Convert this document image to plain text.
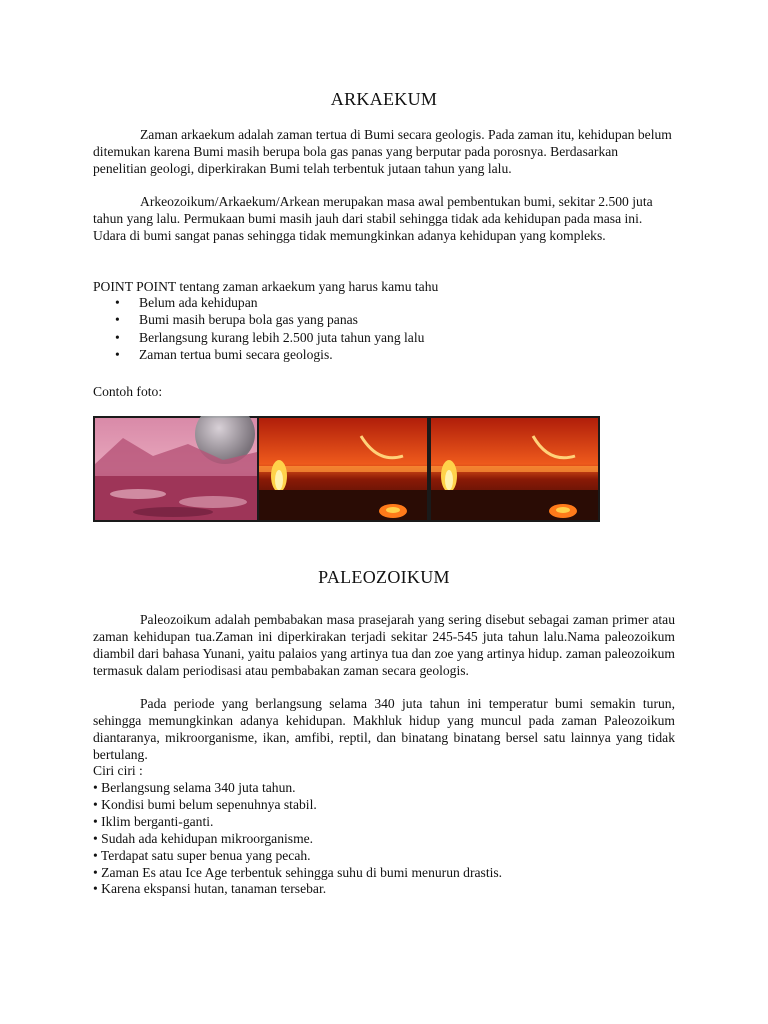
ARKAEKUM

Zaman arkaekum adalah zaman tertua di Bumi secara geologis. Pada zaman itu, kehidupan belum ditemukan karena Bumi masih berupa bola gas panas yang berputar pada porosnya. Berdasarkan penelitian geologi, diperkirakan Bumi telah terbentuk jutaan tahun yang lalu.

Arkeozoikum/Arkaekum/Arkean merupakan masa awal pembentukan bumi, sekitar 2.500 juta tahun yang lalu. Permukaan bumi masih jauh dari stabil sehingga tidak ada kehidupan pada masa ini. Udara di bumi sangat panas sehingga tidak memungkinkan adanya kehidupan yang kompleks.

POINT POINT tentang zaman arkaekum yang harus kamu tahu

• Belum ada kehidupan
• Bumi masih berupa bola gas yang panas
• Berlangsung kurang lebih 2.500 juta tahun yang lalu
• Zaman tertua bumi secara geologis.

Contoh foto:

PALEOZOIKUM

Paleozoikum adalah pembabakan masa prasejarah yang sering disebut sebagai zaman primer atau zaman kehidupan tua.Zaman ini diperkirakan terjadi sekitar 245-545 juta tahun lalu.Nama paleozoikum diambil dari bahasa Yunani, yaitu palaios yang artinya tua dan zoe yang artinya hidup. zaman paleozoikum termasuk dalam periodisasi atau pembabakan zaman secara geologis.

Pada periode yang berlangsung selama 340 juta tahun ini temperatur bumi semakin turun, sehingga memungkinkan adanya kehidupan. Makhluk hidup yang muncul pada zaman Paleozoikum diantaranya, mikroorganisme, ikan, amfibi, reptil, dan binatang binatang bersel satu lainnya yang tidak bertulang.

Ciri ciri :

• Berlangsung selama 340 juta tahun.
• Kondisi bumi belum sepenuhnya stabil.
• Iklim berganti-ganti.
• Sudah ada kehidupan mikroorganisme.
• Terdapat satu super benua yang pecah.
• Zaman Es atau Ice Age terbentuk sehingga suhu di bumi menurun drastis.
• Karena ekspansi hutan, tanaman tersebar.
